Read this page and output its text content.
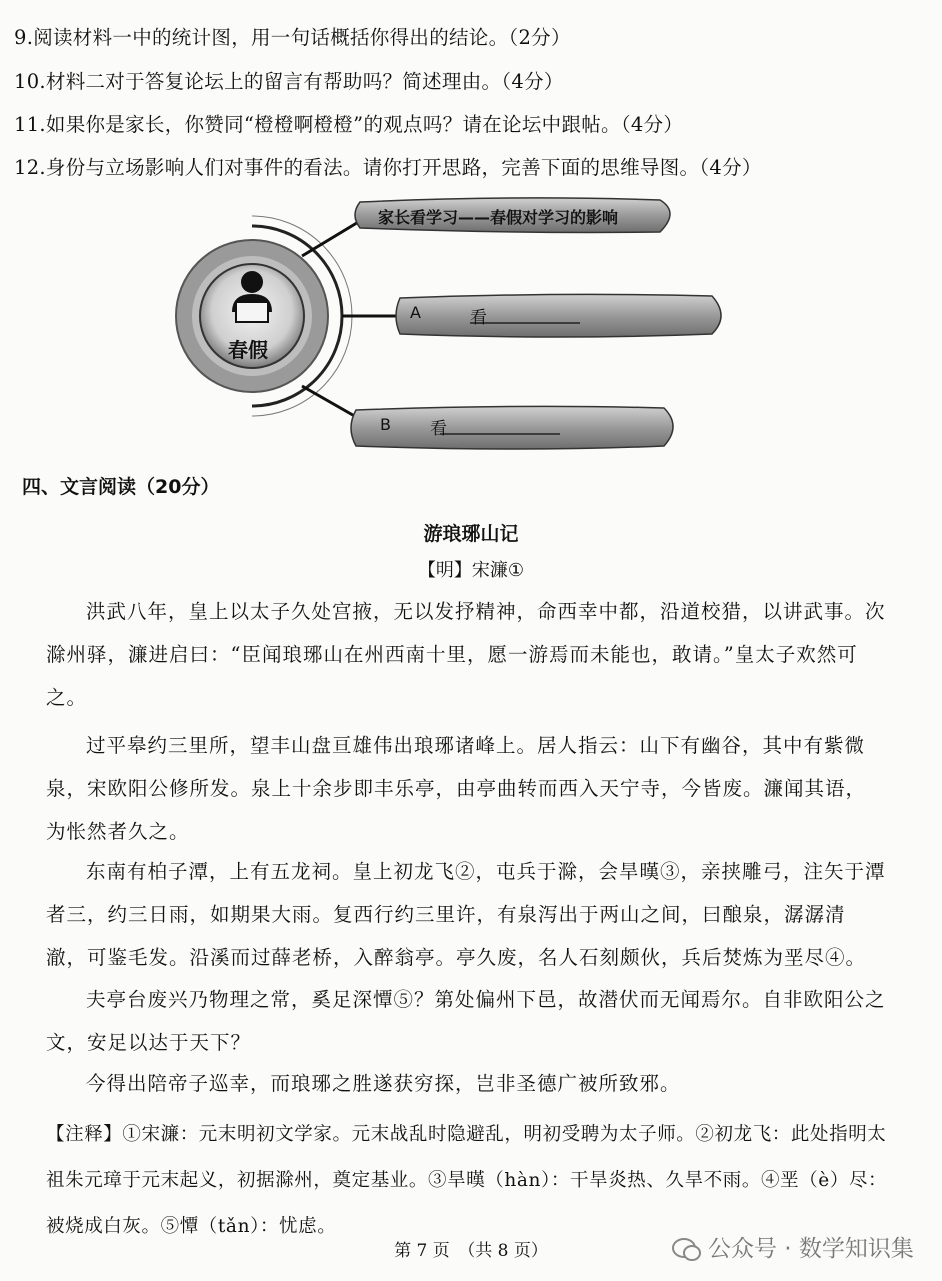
9.阅读材料一中的统计图，用一句话概括你得出的结论。（2分）
10.材料二对于答复论坛上的留言有帮助吗？简述理由。（4分）
11.如果你是家长，你赞同“橙橙啊橙橙”的观点吗？请在论坛中跟帖。（4分）
12.身份与立场影响人们对事件的看法。请你打开思路，完善下面的思维导图。（4分）
春假
家长看学习——春假对学习的影响
A	看
B 看
四、文言阅读（20分）
游琅琊山记
【明】宋濂①
洪武八年，皇上以太子久处宫掖，无以发抒精神，命西幸中都，沿道校猎，以讲武事。次滁州驿，濂进启曰：“臣闻琅琊山在州西南十里，愿一游焉而未能也，敢请。”皇太子欢然可之。
过平皋约三里所，望丰山盘亘雄伟出琅琊诸峰上。居人指云：山下有幽谷，其中有紫微泉，宋欧阳公修所发。泉上十余步即丰乐亭，由亭曲转而西入天宁寺，今皆废。濂闻其语，为怅然者久之。
东南有柏子潭，上有五龙祠。皇上初龙飞②，屯兵于滁，会旱暵③，亲挟雕弓，注矢于潭者三，约三日雨，如期果大雨。复西行约三里许，有泉泻出于两山之间，曰酿泉，潺潺清澈，可鉴毛发。沿溪而过薛老桥，入醉翁亭。亭久废，名人石刻颇伙，兵后焚炼为垩尽④。
夫亭台废兴乃物理之常，奚足深憛⑤？第处偏州下邑，故潜伏而无闻焉尔。自非欧阳公之文，安足以达于天下？
今得出陪帝子巡幸，而琅琊之胜遂获穷探，岂非圣德广被所致邪。
【注释】①宋濂：元末明初文学家。元末战乱时隐避乱，明初受聘为太子师。②初龙飞：此处指明太祖朱元璋于元末起义，初据滁州，奠定基业。③旱暵（hàn）：干旱炎热、久旱不雨。④垩（è）尽：被烧成白灰。⑤憛（tǎn）：忧虑。
第 7 页　（共 8 页）	公众号 · 数学知识集
